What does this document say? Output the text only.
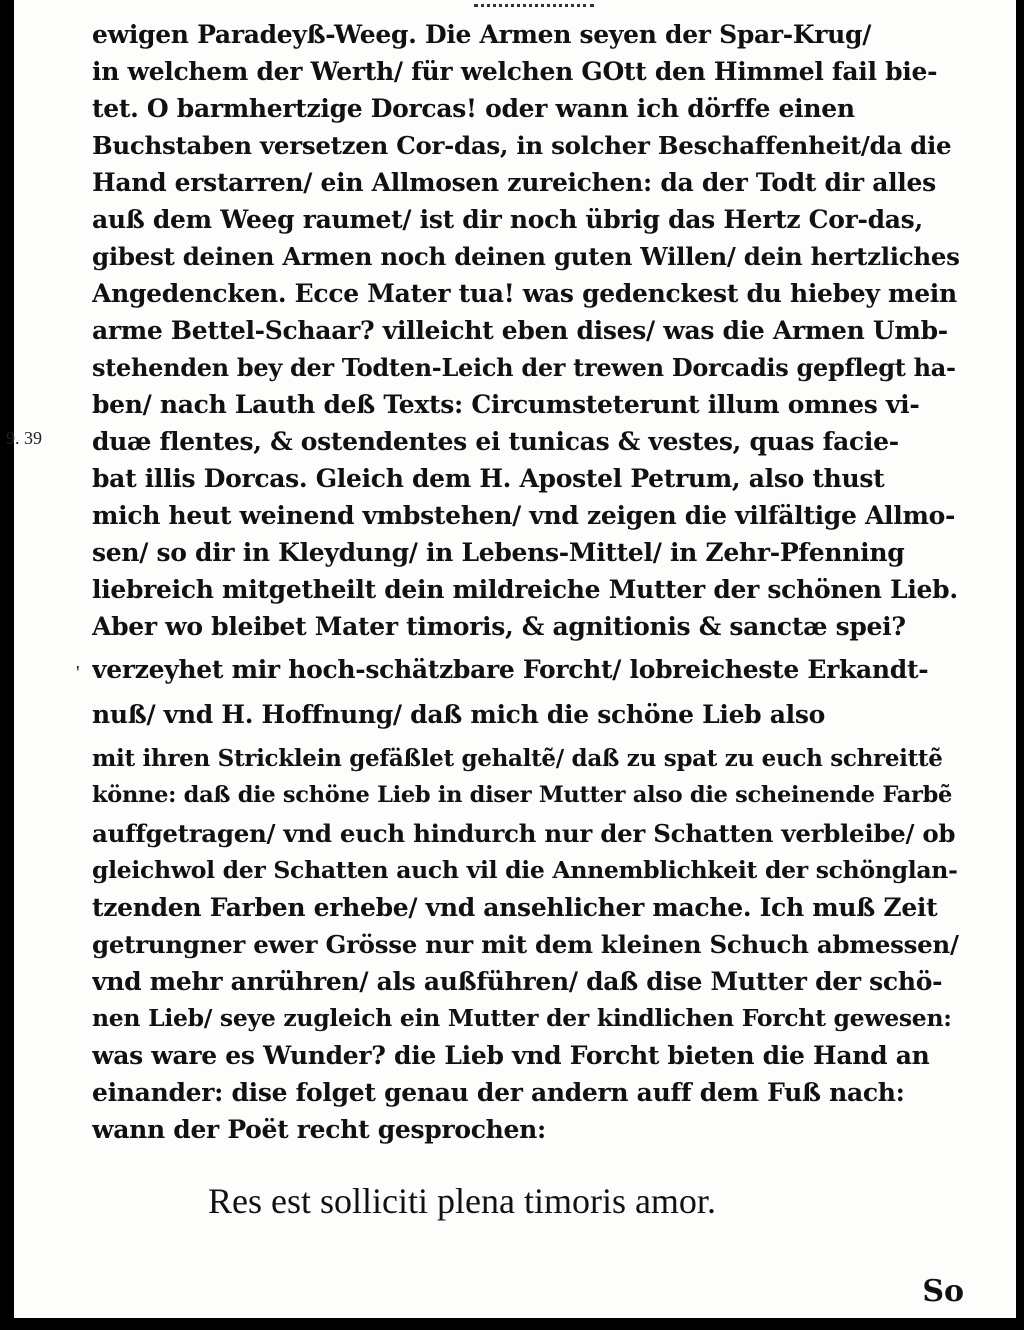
9. 39
'
ewigen Paradeyß-Weeg. Die Armen seyen der Spar-Krug/
in welchem der Werth/ für welchen GOtt den Himmel fail bie-
tet. O barmhertzige Dorcas! oder wann ich dörffe einen
Buchstaben versetzen Cor-das, in solcher Beschaffenheit/da die
Hand erstarren/ ein Allmosen zureichen: da der Todt dir alles
auß dem Weeg raumet/ ist dir noch übrig das Hertz Cor-das,
gibest deinen Armen noch deinen guten Willen/ dein hertzliches
Angedencken. Ecce Mater tua! was gedenckest du hiebey mein
arme Bettel-Schaar? villeicht eben dises/ was die Armen Umb-
stehenden bey der Todten-Leich der trewen Dorcadis gepflegt ha-
ben/ nach Lauth deß Texts: Circumsteterunt illum omnes vi-
duæ flentes, & ostendentes ei tunicas & vestes, quas facie-
bat illis Dorcas. Gleich dem H. Apostel Petrum, also thust
mich heut weinend vmbstehen/ vnd zeigen die vilfältige Allmo-
sen/ so dir in Kleydung/ in Lebens-Mittel/ in Zehr-Pfenning
liebreich mitgetheilt dein mildreiche Mutter der schönen Lieb.
Aber wo bleibet Mater timoris, & agnitionis & sanctæ spei?
verzeyhet mir hoch-schätzbare Forcht/ lobreicheste Erkandt-
nuß/ vnd H. Hoffnung/ daß mich die schöne Lieb also
mit ihren Stricklein gefäßlet gehaltẽ/ daß zu spat zu euch schreittẽ
könne: daß die schöne Lieb in diser Mutter also die scheinende Farbẽ
auffgetragen/ vnd euch hindurch nur der Schatten verbleibe/ ob
gleichwol der Schatten auch vil die Annemblichkeit der schönglan-
tzenden Farben erhebe/ vnd ansehlicher mache. Ich muß Zeit
getrungner ewer Grösse nur mit dem kleinen Schuch abmessen/
vnd mehr anrühren/ als außführen/ daß dise Mutter der schö-
nen Lieb/ seye zugleich ein Mutter der kindlichen Forcht gewesen:
was ware es Wunder? die Lieb vnd Forcht bieten die Hand an
einander: dise folget genau der andern auff dem Fuß nach:
wann der Poët recht gesprochen:
Res est solliciti plena timoris amor.
So
